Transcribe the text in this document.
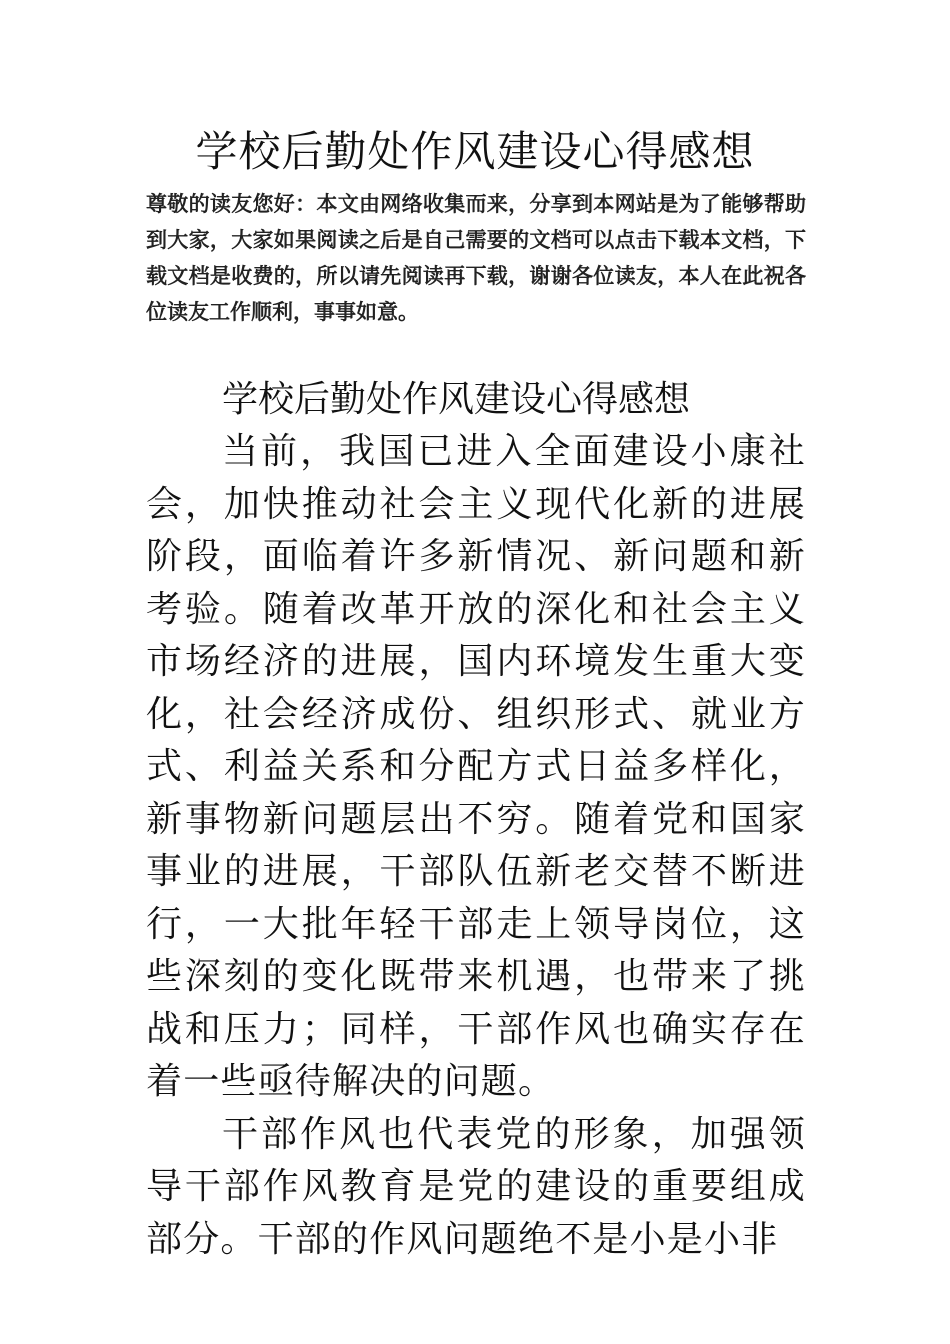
学校后勤处作风建设心得感想

尊敬的读友您好：本文由网络收集而来，分享到本网站是为了能够帮助到大家，大家如果阅读之后是自己需要的文档可以点击下载本文档，下载文档是收费的，所以请先阅读再下载，谢谢各位读友，本人在此祝各位读友工作顺利，事事如意。

学校后勤处作风建设心得感想

当前，我国已进入全面建设小康社会，加快推动社会主义现代化新的进展阶段，面临着许多新情况、新问题和新考验。随着改革开放的深化和社会主义市场经济的进展，国内环境发生重大变化，社会经济成份、组织形式、就业方式、利益关系和分配方式日益多样化，新事物新问题层出不穷。随着党和国家事业的进展，干部队伍新老交替不断进行，一大批年轻干部走上领导岗位，这些深刻的变化既带来机遇，也带来了挑战和压力；同样，干部作风也确实存在着一些亟待解决的问题。

干部作风也代表党的形象，加强领导干部作风教育是党的建设的重要组成部分。干部的作风问题绝不是小是小非
